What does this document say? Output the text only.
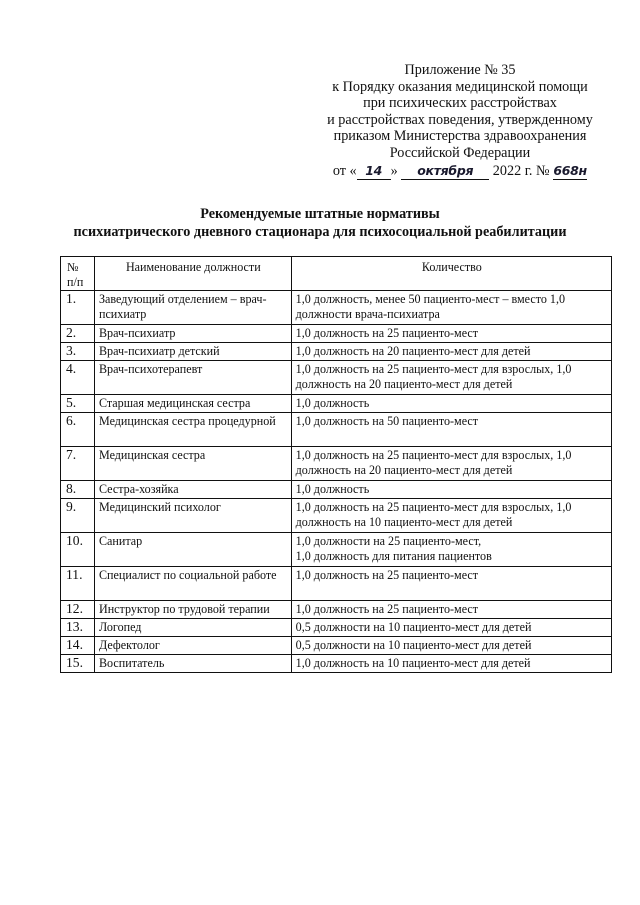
Приложение № 35
к Порядку оказания медицинской помощи
при психических расстройствах
и расстройствах поведения, утвержденному
приказом Министерства здравоохранения
Российской Федерации
от « 14 » октября 2022 г. № 668н
Рекомендуемые штатные нормативы
психиатрического дневного стационара для психосоциальной реабилитации
№ п/п	Наименование должности	Количество
1.	Заведующий отделением – врач-психиатр	1,0 должность, менее 50 пациенто-мест – вместо 1,0 должности врача-психиатра
2.	Врач-психиатр	1,0 должность на 25 пациенто-мест
3.	Врач-психиатр детский	1,0 должность на 20 пациенто-мест для детей
4.	Врач-психотерапевт	1,0 должность на 25 пациенто-мест для взрослых, 1,0 должность на 20 пациенто-мест для детей
5.	Старшая медицинская сестра	1,0 должность
6.	Медицинская сестра процедурной	1,0 должность на 50 пациенто-мест
7.	Медицинская сестра	1,0 должность на 25 пациенто-мест для взрослых, 1,0 должность на 20 пациенто-мест для детей
8.	Сестра-хозяйка	1,0 должность
9.	Медицинский психолог	1,0 должность на 25 пациенто-мест для взрослых, 1,0 должность на 10 пациенто-мест для детей
10.	Санитар	1,0 должности на 25 пациенто-мест,
1,0 должность для питания пациентов
11.	Специалист по социальной работе	1,0 должность на 25 пациенто-мест
12.	Инструктор по трудовой терапии	1,0 должность на 25 пациенто-мест
13.	Логопед	0,5 должности на 10 пациенто-мест для детей
14.	Дефектолог	0,5 должности на 10 пациенто-мест для детей
15.	Воспитатель	1,0 должность на 10 пациенто-мест для детей
